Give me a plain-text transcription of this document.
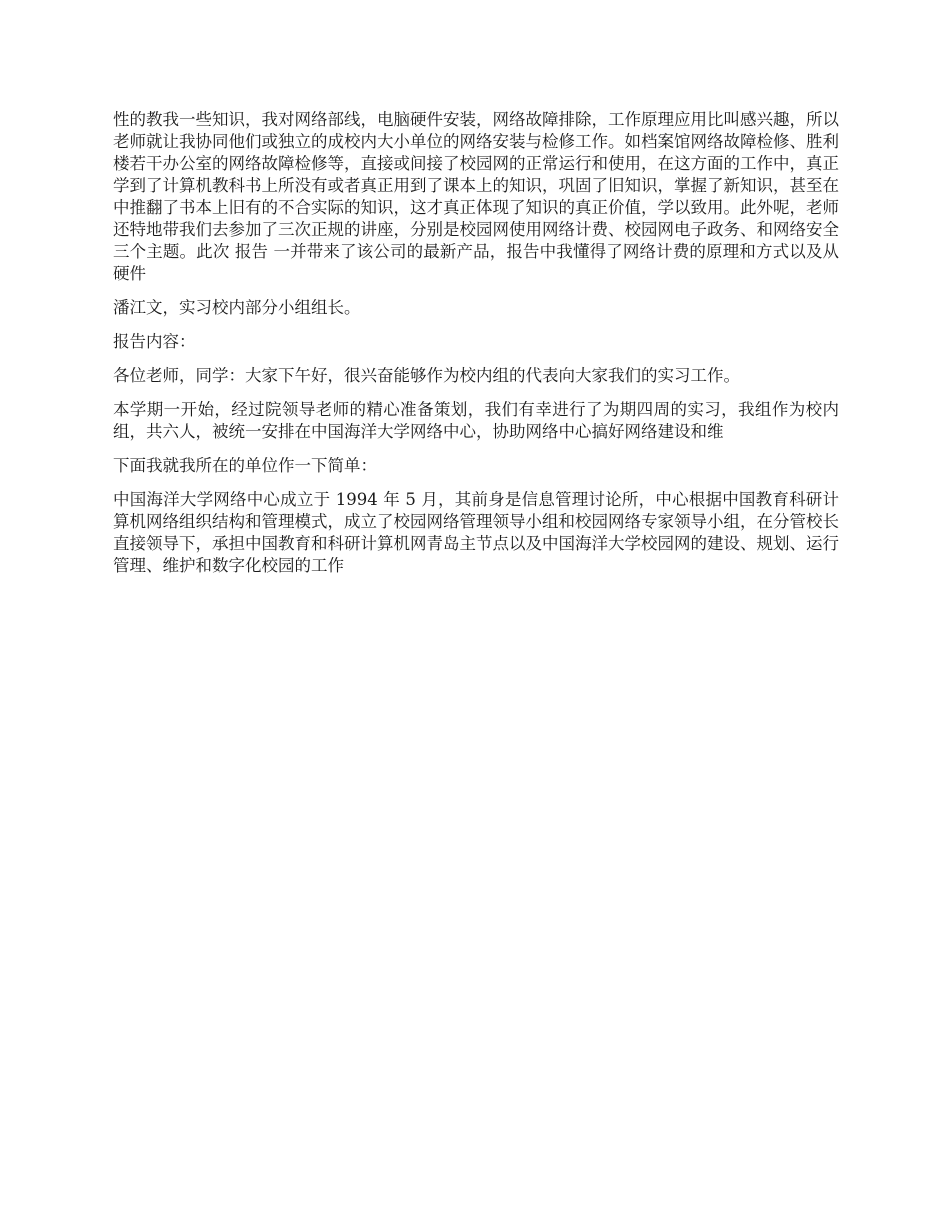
性的教我一些知识，我对网络部线，电脑硬件安装，网络故障排除，工作原理应用比叫感兴趣，所以老师就让我协同他们或独立的成校内大小单位的网络安装与检修工作。如档案馆网络故障检修、胜利楼若干办公室的网络故障检修等，直接或间接了校园网的正常运行和使用，在这方面的工作中，真正学到了计算机教科书上所没有或者真正用到了课本上的知识，巩固了旧知识，掌握了新知识，甚至在中推翻了书本上旧有的不合实际的知识，这才真正体现了知识的真正价值，学以致用。此外呢，老师还特地带我们去参加了三次正规的讲座，分别是校园网使用网络计费、校园网电子政务、和网络安全三个主题。此次 报告 一并带来了该公司的最新产品，报告中我懂得了网络计费的原理和方式以及从硬件

潘江文，实习校内部分小组组长。

报告内容：

各位老师，同学：大家下午好，很兴奋能够作为校内组的代表向大家我们的实习工作。

本学期一开始，经过院领导老师的精心准备策划，我们有幸进行了为期四周的实习，我组作为校内组，共六人，被统一安排在中国海洋大学网络中心，协助网络中心搞好网络建设和维

下面我就我所在的单位作一下简单：

中国海洋大学网络中心成立于 1994 年 5 月，其前身是信息管理讨论所，中心根据中国教育科研计算机网络组织结构和管理模式，成立了校园网络管理领导小组和校园网络专家领导小组，在分管校长直接领导下，承担中国教育和科研计算机网青岛主节点以及中国海洋大学校园网的建设、规划、运行管理、维护和数字化校园的工作
